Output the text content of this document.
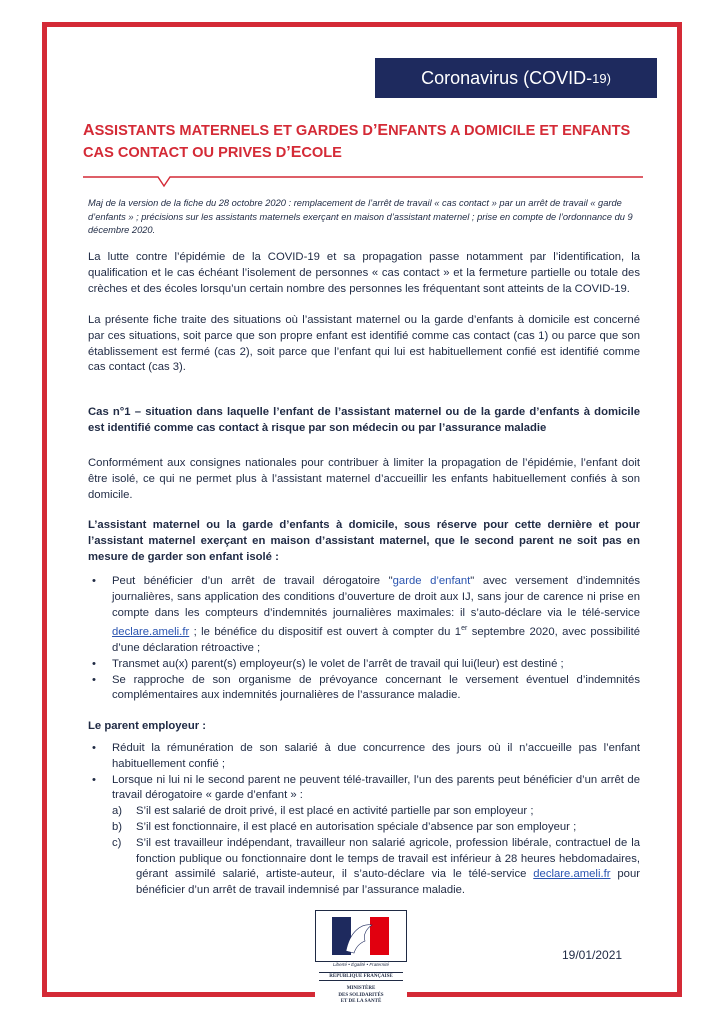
Coronavirus (COVID- 19)
ASSISTANTS MATERNELS ET GARDES D’ENFANTS A DOMICILE ET ENFANTS CAS CONTACT OU PRIVES D’ECOLE
Maj de la version de la fiche du 28 octobre 2020 : remplacement de l’arrêt de travail « cas contact » par un arrêt de travail « garde d’enfants » ; précisions sur les assistants maternels exerçant en maison d’assistant maternel ; prise en compte de l’ordonnance du 9 décembre 2020.
La lutte contre l’épidémie de la COVID-19 et sa propagation passe notamment par l’identification, la qualification et le cas échéant l’isolement de personnes « cas contact » et la fermeture partielle ou totale des crèches et des écoles lorsqu’un certain nombre des personnes les fréquentant sont atteints de la COVID-19.
La présente fiche traite des situations où l’assistant maternel ou la garde d’enfants à domicile est concerné par ces situations, soit parce que son propre enfant est identifié comme cas contact (cas 1) ou parce que son établissement est fermé (cas 2), soit parce que l’enfant qui lui est habituellement confié est identifié comme cas contact (cas 3).
Cas n°1 – situation dans laquelle l’enfant de l’assistant maternel ou de la garde d’enfants à domicile est identifié comme cas contact à risque par son médecin ou par l’assurance maladie
Conformément aux consignes nationales pour contribuer à limiter la propagation de l’épidémie, l’enfant doit être isolé, ce qui ne permet plus à l’assistant maternel d’accueillir les enfants habituellement confiés à son domicile.
L’assistant maternel ou la garde d’enfants à domicile, sous réserve pour cette dernière et pour l’assistant maternel exerçant en maison d’assistant maternel, que le second parent ne soit pas en mesure de garder son enfant isolé :
• Peut bénéficier d’un arrêt de travail dérogatoire "garde d’enfant" avec versement d’indemnités journalières, sans application des conditions d’ouverture de droit aux IJ, sans jour de carence ni prise en compte dans les compteurs d’indemnités journalières maximales: il s’auto-déclare via le télé-service declare.ameli.fr ; le bénéfice du dispositif est ouvert à compter du 1er septembre 2020, avec possibilité d’une déclaration rétroactive ;
• Transmet au(x) parent(s) employeur(s) le volet de l’arrêt de travail qui lui(leur) est destiné ;
• Se rapproche de son organisme de prévoyance concernant le versement éventuel d’indemnités complémentaires aux indemnités journalières de l’assurance maladie.
Le parent employeur :
• Réduit la rémunération de son salarié à due concurrence des jours où il n’accueille pas l’enfant habituellement confié ;
• Lorsque ni lui ni le second parent ne peuvent télé-travailler, l’un des parents peut bénéficier d’un arrêt de travail dérogatoire « garde d’enfant » :
a) S’il est salarié de droit privé, il est placé en activité partielle par son employeur ;
b) S’il est fonctionnaire, il est placé en autorisation spéciale d’absence par son employeur ;
c) S’il est travailleur indépendant, travailleur non salarié agricole, profession libérale, contractuel de la fonction publique ou fonctionnaire dont le temps de travail est inférieur à 28 heures hebdomadaires, gérant assimilé salarié, artiste-auteur, il s’auto-déclare via le télé-service declare.ameli.fr pour bénéficier d’un arrêt de travail indemnisé par l’assurance maladie.
Liberté • Égalité • Fraternité
RÉPUBLIQUE FRANÇAISE
MINISTÈRE
DES SOLIDARITÉS
ET DE LA SANTÉ
19/01/2021
